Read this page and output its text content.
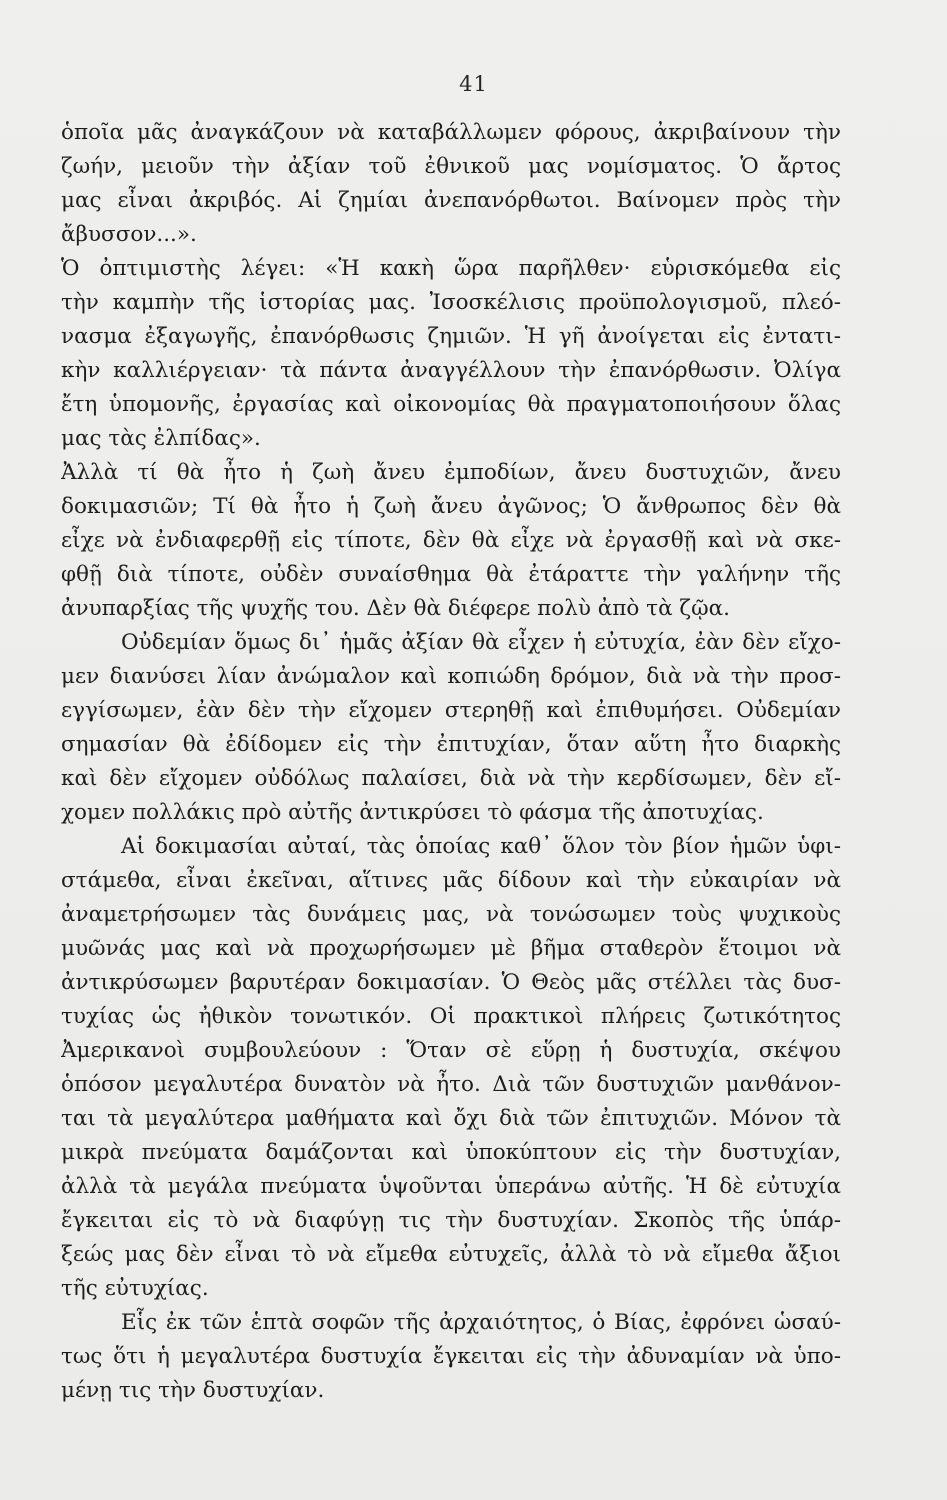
41
ὁποῖα μᾶς ἀναγκάζουν νὰ καταβάλλωμεν φόρους, ἀκριβαίνουν τὴν
ζωήν, μειοῦν τὴν ἀξίαν τοῦ ἐθνικοῦ μας νομίσματος. Ὁ ἄρτος
μας εἶναι ἀκριβός. Αἱ ζημίαι ἀνεπανόρθωτοι. Βαίνομεν πρὸς τὴν
ἄβυσσον...».
Ὁ ὀπτιμιστὴς λέγει: «Ἡ κακὴ ὥρα παρῆλθεν· εὑρισκόμεθα εἰς
τὴν καμπὴν τῆς ἱστορίας μας. Ἰσοσκέλισις προϋπολογισμοῦ, πλεό-
νασμα ἐξαγωγῆς, ἐπανόρθωσις ζημιῶν. Ἡ γῆ ἀνοίγεται εἰς ἐντατι-
κὴν καλλιέργειαν· τὰ πάντα ἀναγγέλλουν τὴν ἐπανόρθωσιν. Ὀλίγα
ἔτη ὑπομονῆς, ἐργασίας καὶ οἰκονομίας θὰ πραγματοποιήσουν ὅλας
μας τὰς ἐλπίδας».
Ἀλλὰ τί θὰ ἦτο ἡ ζωὴ ἄνευ ἐμποδίων, ἄνευ δυστυχιῶν, ἄνευ
δοκιμασιῶν; Τί θὰ ἦτο ἡ ζωὴ ἄνευ ἀγῶνος; Ὁ ἄνθρωπος δὲν θὰ
εἶχε νὰ ἐνδιαφερθῇ εἰς τίποτε, δὲν θὰ εἶχε νὰ ἐργασθῇ καὶ νὰ σκε-
φθῇ διὰ τίποτε, οὐδὲν συναίσθημα θὰ ἐτάραττε τὴν γαλήνην τῆς
ἀνυπαρξίας τῆς ψυχῆς του. Δὲν θὰ διέφερε πολὺ ἀπὸ τὰ ζῷα.
Οὐδεμίαν ὅμως δι᾽ ἡμᾶς ἀξίαν θὰ εἶχεν ἡ εὐτυχία, ἐὰν δὲν εἴχο-
μεν διανύσει λίαν ἀνώμαλον καὶ κοπιώδη δρόμον, διὰ νὰ τὴν προσ-
εγγίσωμεν, ἐὰν δὲν τὴν εἴχομεν στερηθῇ καὶ ἐπιθυμήσει. Οὐδεμίαν
σημασίαν θὰ ἐδίδομεν εἰς τὴν ἐπιτυχίαν, ὅταν αὕτη ἦτο διαρκὴς
καὶ δὲν εἴχομεν οὐδόλως παλαίσει, διὰ νὰ τὴν κερδίσωμεν, δὲν εἴ-
χομεν πολλάκις πρὸ αὐτῆς ἀντικρύσει τὸ φάσμα τῆς ἀποτυχίας.
Αἱ δοκιμασίαι αὐταί, τὰς ὁποίας καθ᾽ ὅλον τὸν βίον ἡμῶν ὑφι-
στάμεθα, εἶναι ἐκεῖναι, αἵτινες μᾶς δίδουν καὶ τὴν εὐκαιρίαν νὰ
ἀναμετρήσωμεν τὰς δυνάμεις μας, νὰ τονώσωμεν τοὺς ψυχικοὺς
μυῶνάς μας καὶ νὰ προχωρήσωμεν μὲ βῆμα σταθερὸν ἕτοιμοι νὰ
ἀντικρύσωμεν βαρυτέραν δοκιμασίαν. Ὁ Θεὸς μᾶς στέλλει τὰς δυσ-
τυχίας ὡς ἠθικὸν τονωτικόν. Οἱ πρακτικοὶ πλήρεις ζωτικότητος
Ἀμερικανοὶ συμβουλεύουν : Ὅταν σὲ εὕρῃ ἡ δυστυχία, σκέψου
ὁπόσον μεγαλυτέρα δυνατὸν νὰ ἦτο. Διὰ τῶν δυστυχιῶν μανθάνον-
ται τὰ μεγαλύτερα μαθήματα καὶ ὄχι διὰ τῶν ἐπιτυχιῶν. Μόνον τὰ
μικρὰ πνεύματα δαμάζονται καὶ ὑποκύπτουν εἰς τὴν δυστυχίαν,
ἀλλὰ τὰ μεγάλα πνεύματα ὑψοῦνται ὑπεράνω αὐτῆς. Ἡ δὲ εὐτυχία
ἔγκειται εἰς τὸ νὰ διαφύγῃ τις τὴν δυστυχίαν. Σκοπὸς τῆς ὑπάρ-
ξεώς μας δὲν εἶναι τὸ νὰ εἴμεθα εὐτυχεῖς, ἀλλὰ τὸ νὰ εἴμεθα ἄξιοι
τῆς εὐτυχίας.
Εἷς ἐκ τῶν ἑπτὰ σοφῶν τῆς ἀρχαιότητος, ὁ Βίας, ἐφρόνει ὡσαύ-
τως ὅτι ἡ μεγαλυτέρα δυστυχία ἔγκειται εἰς τὴν ἀδυναμίαν νὰ ὑπο-
μένῃ τις τὴν δυστυχίαν.
